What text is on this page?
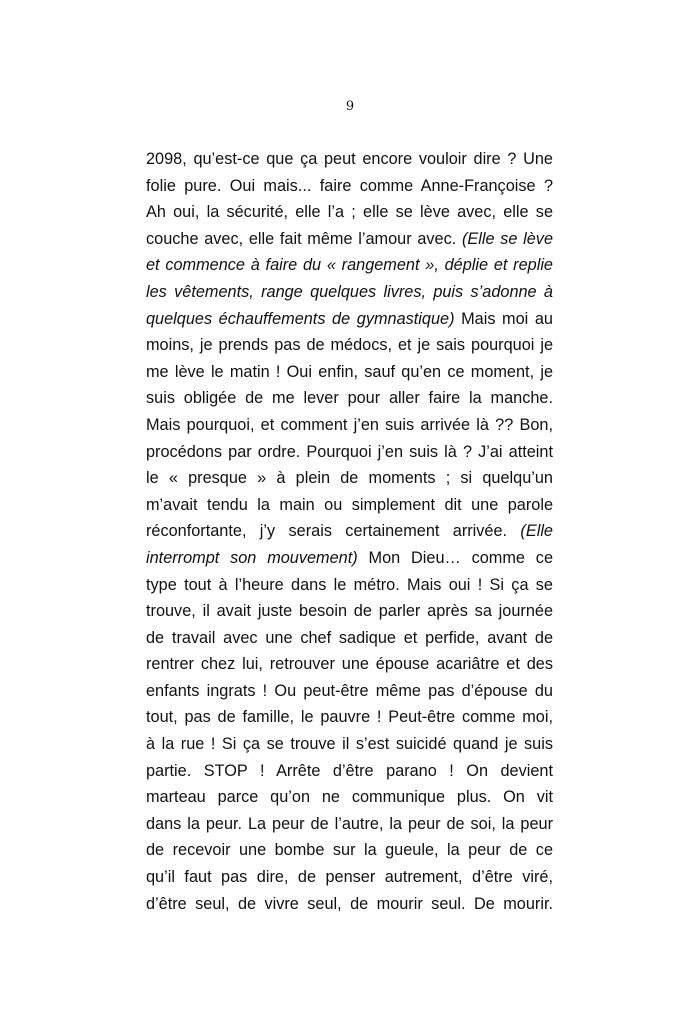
9
2098, qu’est-ce que ça peut encore vouloir dire ? Une
folie pure. Oui mais... faire comme Anne-Françoise ?
Ah oui, la sécurité, elle l’a ; elle se lève avec, elle se
couche avec, elle fait même l’amour avec. (Elle se lève
et commence à faire du « rangement », déplie et replie
les vêtements, range quelques livres, puis s’adonne à
quelques échauffements de gymnastique) Mais moi au
moins, je prends pas de médocs, et je sais pourquoi je
me lève le matin ! Oui enfin, sauf qu’en ce moment, je
suis obligée de me lever pour aller faire la manche.
Mais pourquoi, et comment j’en suis arrivée là ?? Bon,
procédons par ordre. Pourquoi j’en suis là ? J’ai atteint
le « presque » à plein de moments ; si quelqu’un
m’avait tendu la main ou simplement dit une parole
réconfortante, j’y serais certainement arrivée. (Elle
interrompt son mouvement) Mon Dieu… comme ce
type tout à l’heure dans le métro. Mais oui ! Si ça se
trouve, il avait juste besoin de parler après sa journée
de travail avec une chef sadique et perfide, avant de
rentrer chez lui, retrouver une épouse acariâtre et des
enfants ingrats ! Ou peut-être même pas d’épouse du
tout, pas de famille, le pauvre ! Peut-être comme moi,
à la rue ! Si ça se trouve il s’est suicidé quand je suis
partie. STOP ! Arrête d’être parano ! On devient
marteau parce qu’on ne communique plus. On vit
dans la peur. La peur de l’autre, la peur de soi, la peur
de recevoir une bombe sur la gueule, la peur de ce
qu’il faut pas dire, de penser autrement, d’être viré,
d’être seul, de vivre seul, de mourir seul. De mourir.
